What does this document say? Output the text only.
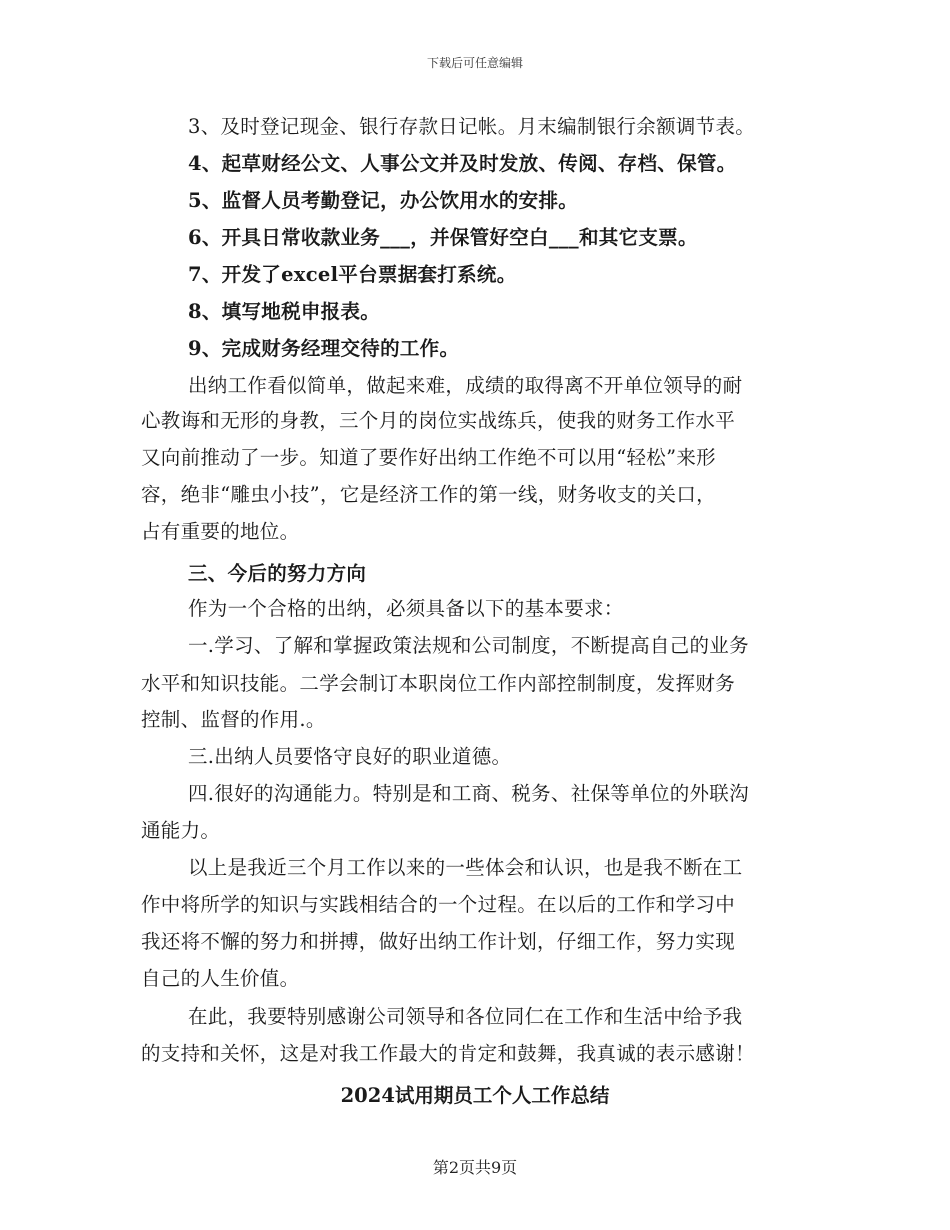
下载后可任意编辑
3、及时登记现金、银行存款日记帐。月末编制银行余额调节表。
4、起草财经公文、人事公文并及时发放、传阅、存档、保管。
5、监督人员考勤登记，办公饮用水的安排。
6、开具日常收款业务___，并保管好空白___和其它支票。
7、开发了excel平台票据套打系统。
8、填写地税申报表。
9、完成财务经理交待的工作。
出纳工作看似简单，做起来难，成绩的取得离不开单位领导的耐
心教诲和无形的身教，三个月的岗位实战练兵，使我的财务工作水平
又向前推动了一步。知道了要作好出纳工作绝不可以用“轻松”来形
容，绝非“雕虫小技”，它是经济工作的第一线，财务收支的关口，
占有重要的地位。
三、今后的努力方向
作为一个合格的出纳，必须具备以下的基本要求：
一.学习、了解和掌握政策法规和公司制度，不断提高自己的业务
水平和知识技能。二学会制订本职岗位工作内部控制制度，发挥财务
控制、监督的作用.。
三.出纳人员要恪守良好的职业道德。
四.很好的沟通能力。特别是和工商、税务、社保等单位的外联沟
通能力。
以上是我近三个月工作以来的一些体会和认识，也是我不断在工
作中将所学的知识与实践相结合的一个过程。在以后的工作和学习中
我还将不懈的努力和拼搏，做好出纳工作计划，仔细工作，努力实现
自己的人生价值。
在此，我要特别感谢公司领导和各位同仁在工作和生活中给予我
的支持和关怀，这是对我工作最大的肯定和鼓舞，我真诚的表示感谢！
2024试用期员工个人工作总结
第2页共9页
